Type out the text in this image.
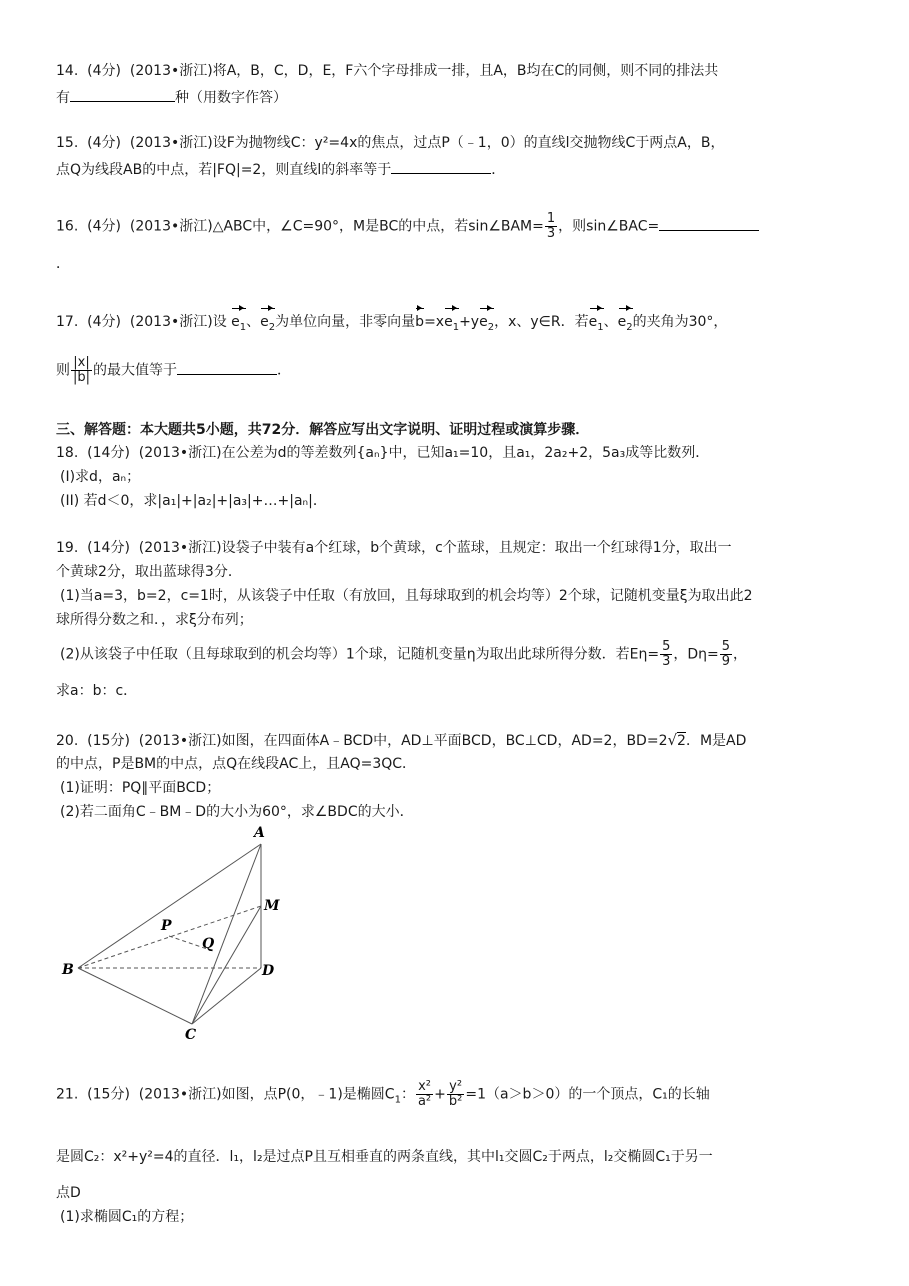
14.  (4分)  (2013•浙江)将A，B，C，D，E，F六个字母排成一排，且A，B均在C的同侧，则不同的排法共
有	种（用数字作答）
15.  (4分)  (2013•浙江)设F为抛物线C：y²=4x的焦点，过点P（﹣1，0）的直线l交抛物线C于两点A，B，
点Q为线段AB的中点，若|FQ|=2，则直线l的斜率等于	．
16.  (4分)  (2013•浙江)△ABC中，∠C=90°，M是BC的中点，若sin∠BAM= $\frac{1}{3}$ ，则sin∠BAC=
．
17.  (4分)  (2013•浙江)设 $e_1$、$e_2$为单位向量，非零向量$b=xe_1+ye_2$，x、y∈R．若$e_1$、$e_2$的夹角为30°，
则 $\frac{|x|}{|b|}$ 的最大值等于	．
三、解答题：本大题共5小题，共72分．解答应写出文字说明、证明过程或演算步骤．
18.  (14分)  (2013•浙江)在公差为d的等差数列{aₙ}中，已知a₁=10，且a₁，2a₂+2，5a₃成等比数列．
(I)求d，aₙ；
(II) 若d＜0，求|a₁|+|a₂|+|a₃|+…+|aₙ|．
19.  (14分)  (2013•浙江)设袋子中装有a个红球，b个黄球，c个蓝球，且规定：取出一个红球得1分，取出一
个黄球2分，取出蓝球得3分．
(1)当a=3，b=2，c=1时，从该袋子中任取（有放回，且每球取到的机会均等）2个球，记随机变量ξ为取出此2
球所得分数之和．，求ξ分布列；
(2)从该袋子中任取（且每球取到的机会均等）1个球，记随机变量η为取出此球所得分数．若$E\eta= \frac{5}{3}$ ，$D\eta= \frac{5}{9}$ ，
求a：b：c．
20.  (15分)  (2013•浙江)如图，在四面体A﹣BCD中，AD⊥平面BCD，BC⊥CD，AD=2，BD=2√2．M是AD
的中点，P是BM的中点，点Q在线段AC上，且AQ=3QC．
(1)证明：PQ∥平面BCD；
(2)若二面角C﹣BM﹣D的大小为60°，求∠BDC的大小．
A
M
P
Q
B	D
C
21.  (15分)  (2013•浙江)如图，点P(0，﹣1)是椭圆$C_1$： $\frac{\text{x²}}{\text{a²}} + \frac{\text{y²}}{\text{b²}} =1(a>b>0)$的一个顶点，C₁的长轴
是圆C₂：x²+y²=4的直径．l₁，l₂是过点P且互相垂直的两条直线，其中l₁交圆C₂于两点，l₂交椭圆C₁于另一
点D
(1)求椭圆C₁的方程；
